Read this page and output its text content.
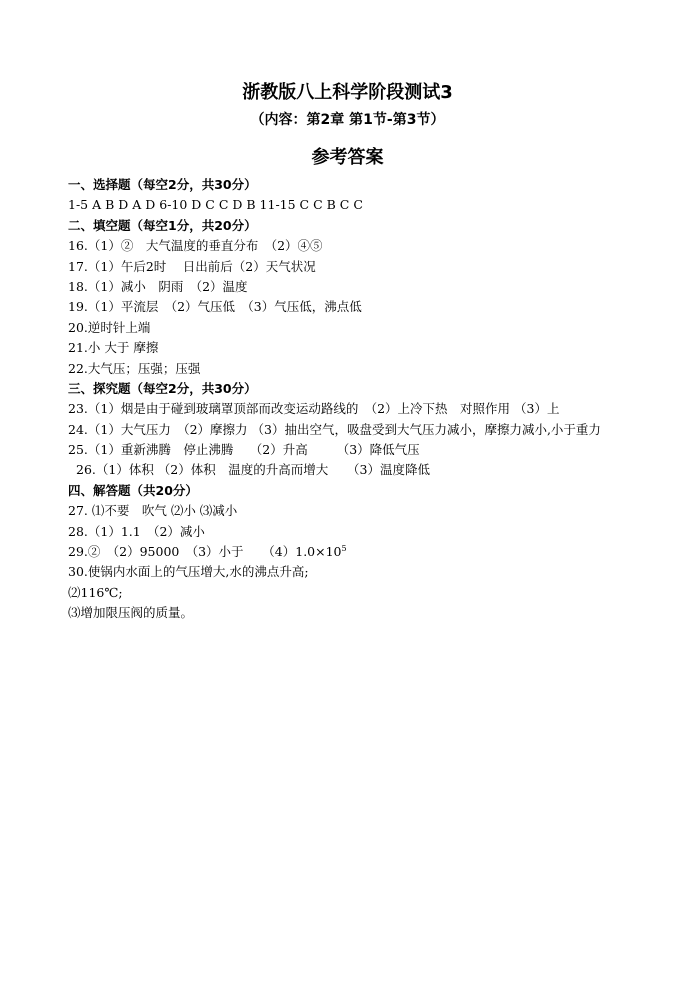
浙教版八上科学阶段测试3
（内容：第2章 第1节-第3节）
参考答案
一、选择题（每空2分，共30分）
1-5 A B D A D 6-10 D C C D B 11-15 C C B C C
二、填空题（每空1分，共20分）
16.（1）②　大气温度的垂直分布　（2）④⑤
17.（1）午后2时　 日出前后（2）天气状况
18.（1）减小　阴雨　（2）温度
19.（1）平流层　（2）气压低　（3）气压低，沸点低
20.逆时针上端
21.小 大于 摩擦
22.大气压；压强；压强
三、探究题（每空2分，共30分）
23.（1）烟是由于碰到玻璃罩顶部而改变运动路线的　（2）上冷下热　对照作用 （3）上
24.（1）大气压力　（2）摩擦力 （3）抽出空气，吸盘受到大气压力减小，摩擦力减小,小于重力
25.（1）重新沸腾　停止沸腾　 （2）升高　　 （3）降低气压
26.（1）体积 （2）体积　温度的升高而增大　　（3）温度降低
四、解答题（共20分）
27. ⑴不要　吹气 ⑵小 ⑶减小
28.（1）1.1　（2）减小
29.②　（2）95000　（3）小于　　$(4)1.0\times 10^5$
30.使锅内水面上的气压增大,水的沸点升高;
⑵116℃;
⑶增加限压阀的质量。
